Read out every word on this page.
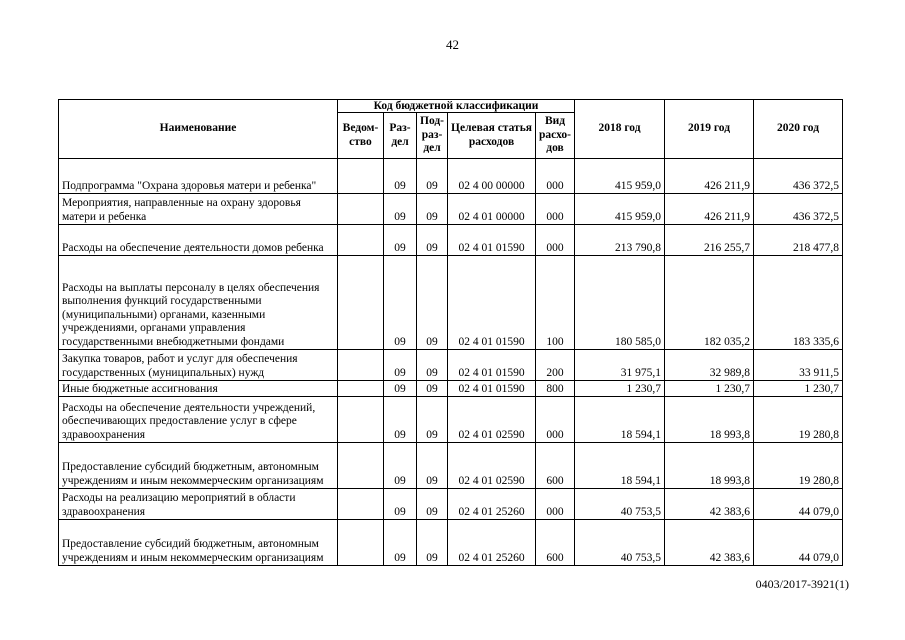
42
Наименование	Код бюджетной классификации					2018 год	2019 год	2020 год
	Ведом-ство	Раз-дел	Под-раз-дел	Целевая статья расходов	Вид расхо-дов			
Подпрограмма "Охрана здоровья матери и ребенка"		09	09	02 4 00 00000	000	415 959,0	426 211,9	436 372,5
Мероприятия, направленные на охрану здоровья матери и ребенка		09	09	02 4 01 00000	000	415 959,0	426 211,9	436 372,5
Расходы на обеспечение деятельности домов ребенка		09	09	02 4 01 01590	000	213 790,8	216 255,7	218 477,8
Расходы на выплаты персоналу в целях обеспечения выполнения функций государственными (муниципальными) органами, казенными учреждениями, органами управления государственными внебюджетными фондами		09	09	02 4 01 01590	100	180 585,0	182 035,2	183 335,6
Закупка товаров, работ и услуг для обеспечения государственных (муниципальных) нужд		09	09	02 4 01 01590	200	31 975,1	32 989,8	33 911,5
Иные бюджетные ассигнования		09	09	02 4 01 01590	800	1 230,7	1 230,7	1 230,7
Расходы на обеспечение деятельности учреждений, обеспечивающих предоставление услуг в сфере здравоохранения		09	09	02 4 01 02590	000	18 594,1	18 993,8	19 280,8
Предоставление субсидий бюджетным, автономным учреждениям и иным некоммерческим организациям		09	09	02 4 01 02590	600	18 594,1	18 993,8	19 280,8
Расходы на реализацию мероприятий в области здравоохранения		09	09	02 4 01 25260	000	40 753,5	42 383,6	44 079,0
Предоставление субсидий бюджетным, автономным учреждениям и иным некоммерческим организациям		09	09	02 4 01 25260	600	40 753,5	42 383,6	44 079,0
0403/2017-3921(1)
